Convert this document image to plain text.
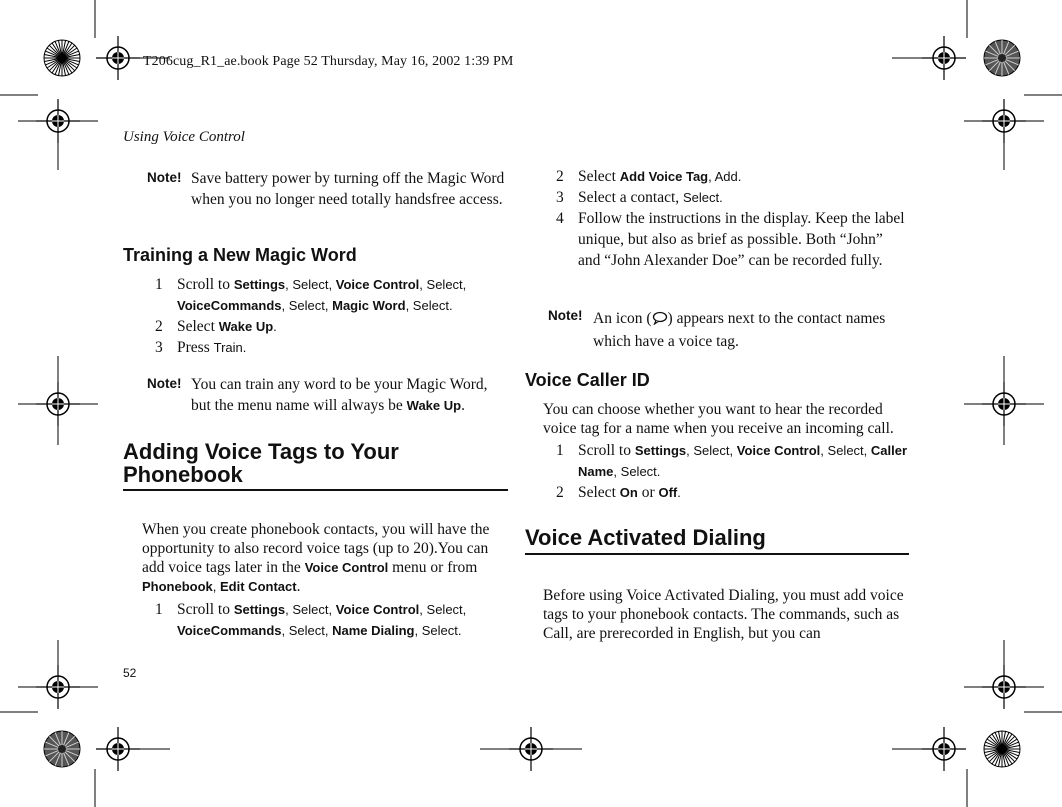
T206cug_R1_ae.book Page 52 Thursday, May 16, 2002 1:39 PM
Using Voice Control
52
Note! Save battery power by turning off the Magic Word when you no longer need totally handsfree access.
Training a New Magic Word
1 Scroll to Settings, Select, Voice Control, Select, VoiceCommands, Select, Magic Word, Select.
2 Select Wake Up.
3 Press Train.
Note! You can train any word to be your Magic Word, but the menu name will always be Wake Up.
Adding Voice Tags to Your Phonebook
When you create phonebook contacts, you will have the opportunity to also record voice tags (up to 20).You can add voice tags later in the Voice Control menu or from Phonebook, Edit Contact.
1 Scroll to Settings, Select, Voice Control, Select, VoiceCommands, Select, Name Dialing, Select.
2 Select Add Voice Tag, Add.
3 Select a contact, Select.
4 Follow the instructions in the display. Keep the label unique, but also as brief as possible. Both “John” and “John Alexander Doe” can be recorded fully.
Note! An icon ( ) appears next to the contact names which have a voice tag.
Voice Caller ID
You can choose whether you want to hear the recorded voice tag for a name when you receive an incoming call.
1 Scroll to Settings, Select, Voice Control, Select, Caller Name, Select.
2 Select On or Off.
Voice Activated Dialing
Before using Voice Activated Dialing, you must add voice tags to your phonebook contacts. The commands, such as Call, are prerecorded in English, but you can
